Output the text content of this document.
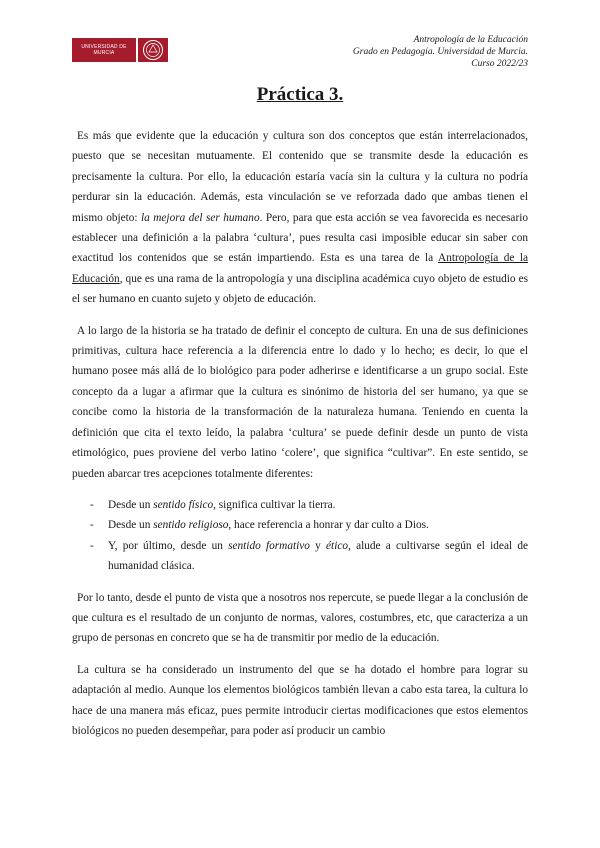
UNIVERSIDAD DE
MURCIA
Antropología de la Educación
Grado en Pedagogía. Universidad de Murcia.
Curso 2022/23
Práctica 3.

Es más que evidente que la educación y cultura son dos conceptos que están interrelacionados, puesto que se necesitan mutuamente. El contenido que se transmite desde la educación es precisamente la cultura. Por ello, la educación estaría vacía sin la cultura y la cultura no podría perdurar sin la educación. Además, esta vinculación se ve reforzada dado que ambas tienen el mismo objeto: la mejora del ser humano. Pero, para que esta acción se vea favorecida es necesario establecer una definición a la palabra ‘cultura’, pues resulta casi imposible educar sin saber con exactitud los contenidos que se están impartiendo. Esta es una tarea de la Antropología de la Educación, que es una rama de la antropología y una disciplina académica cuyo objeto de estudio es el ser humano en cuanto sujeto y objeto de educación.

A lo largo de la historia se ha tratado de definir el concepto de cultura. En una de sus definiciones primitivas, cultura hace referencia a la diferencia entre lo dado y lo hecho; es decir, lo que el humano posee más allá de lo biológico para poder adherirse e identificarse a un grupo social. Este concepto da a lugar a afirmar que la cultura es sinónimo de historia del ser humano, ya que se concibe como la historia de la transformación de la naturaleza humana. Teniendo en cuenta la definición que cita el texto leído, la palabra ‘cultura’ se puede definir desde un punto de vista etimológico, pues proviene del verbo latino ‘colere’, que significa “cultivar”. En este sentido, se pueden abarcar tres acepciones totalmente diferentes:

- Desde un sentido físico, significa cultivar la tierra.
- Desde un sentido religioso, hace referencia a honrar y dar culto a Dios.
- Y, por último, desde un sentido formativo y ético, alude a cultivarse según el ideal de humanidad clásica.

Por lo tanto, desde el punto de vista que a nosotros nos repercute, se puede llegar a la conclusión de que cultura es el resultado de un conjunto de normas, valores, costumbres, etc, que caracteriza a un grupo de personas en concreto que se ha de transmitir por medio de la educación.

La cultura se ha considerado un instrumento del que se ha dotado el hombre para lograr su adaptación al medio. Aunque los elementos biológicos también llevan a cabo esta tarea, la cultura lo hace de una manera más eficaz, pues permite introducir ciertas modificaciones que estos elementos biológicos no pueden desempeñar, para poder así producir un cambio
